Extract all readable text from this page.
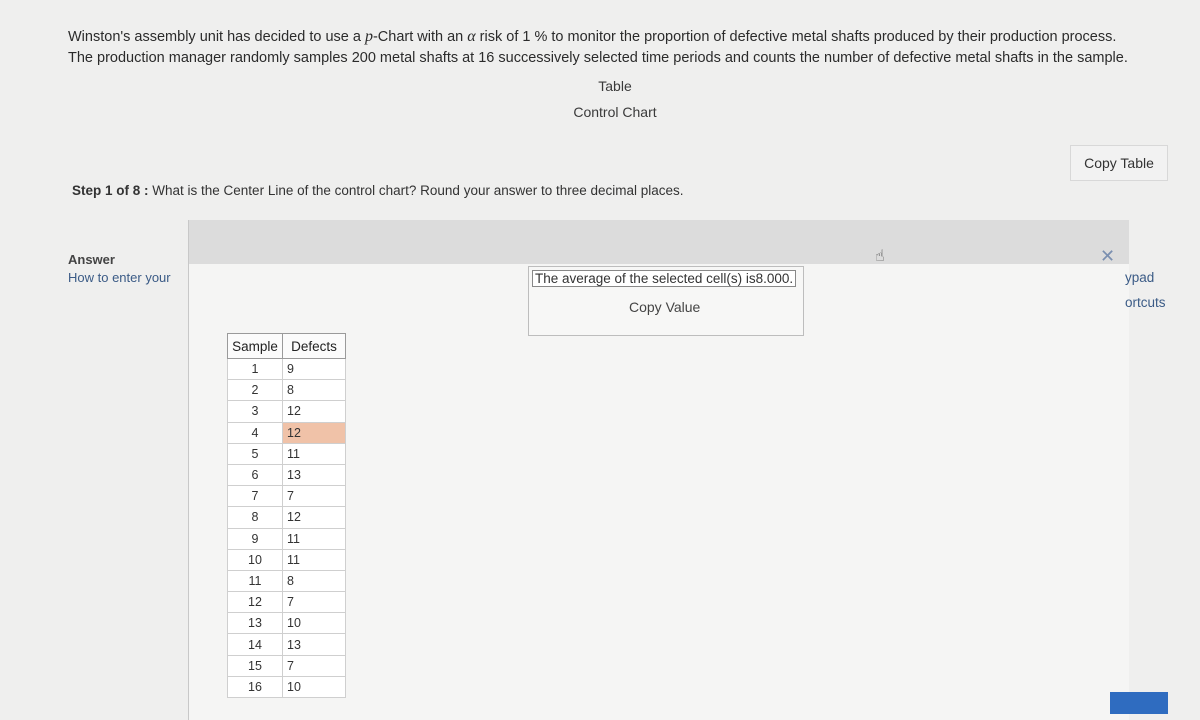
Winston's assembly unit has decided to use a p-Chart with an α risk of 1 % to monitor the proportion of defective metal shafts produced by their production process.
The production manager randomly samples 200 metal shafts at 16 successively selected time periods and counts the number of defective metal shafts in the sample.
Table
Control Chart
Copy Table
Step 1 of 8 : What is the Center Line of the control chart? Round your answer to three decimal places.
Answer
How to enter your
☝	✕
ypad
ortcuts
The average of the selected cell(s) is8.000.
Copy Value
Sample	Defects
1	9
2	8
3	12
4	12
5	11
6	13
7	7
8	12
9	11
10	11
11	8
12	7
13	10
14	13
15	7
16	10
